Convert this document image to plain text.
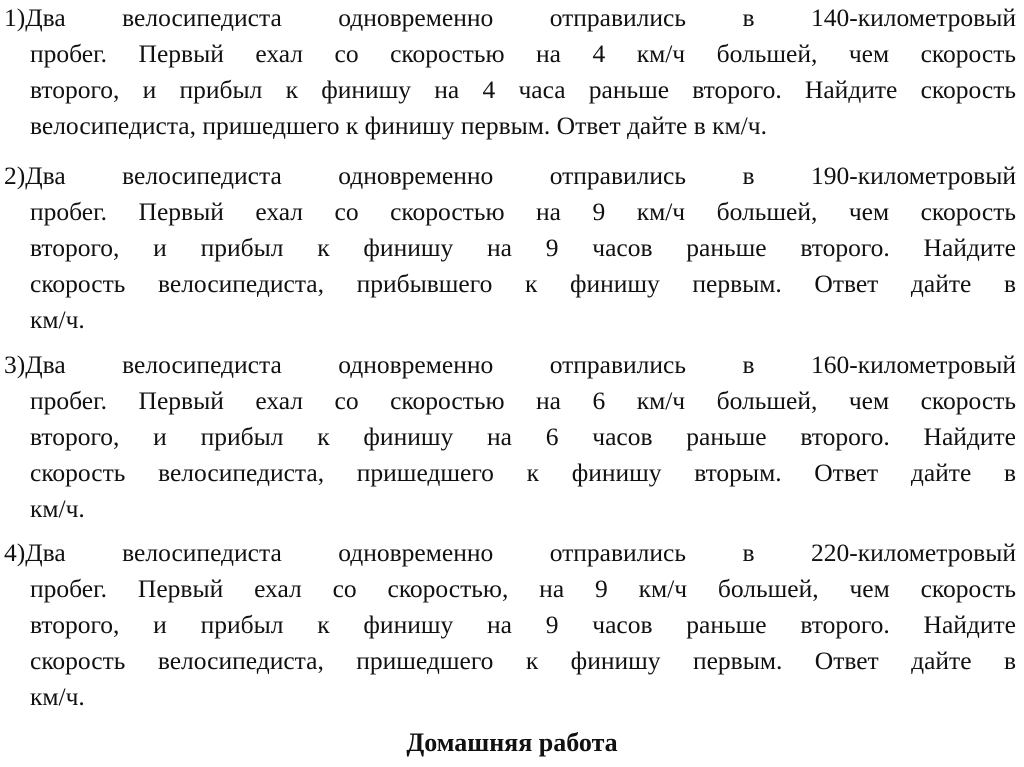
1)Два велосипедиста одновременно отправились в 140-километровый
пробег. Первый ехал со скоростью на 4 км/ч большей, чем скорость
второго, и прибыл к финишу на 4 часа раньше второго. Найдите скорость
велосипедиста, пришедшего к финишу первым. Ответ дайте в км/ч.
2)Два велосипедиста одновременно отправились в 190-километровый
пробег. Первый ехал со скоростью на 9 км/ч большей, чем скорость
второго, и прибыл к финишу на 9 часов раньше второго. Найдите
скорость велосипедиста, прибывшего к финишу первым. Ответ дайте в
км/ч.
3)Два велосипедиста одновременно отправились в 160-километровый
пробег. Первый ехал со скоростью на 6 км/ч большей, чем скорость
второго, и прибыл к финишу на 6 часов раньше второго. Найдите
скорость велосипедиста, пришедшего к финишу вторым. Ответ дайте в
км/ч.
4)Два велосипедиста одновременно отправились в 220-километровый
пробег. Первый ехал со скоростью, на 9 км/ч большей, чем скорость
второго, и прибыл к финишу на 9 часов раньше второго. Найдите
скорость велосипедиста, пришедшего к финишу первым. Ответ дайте в
км/ч.
Домашняя работа
